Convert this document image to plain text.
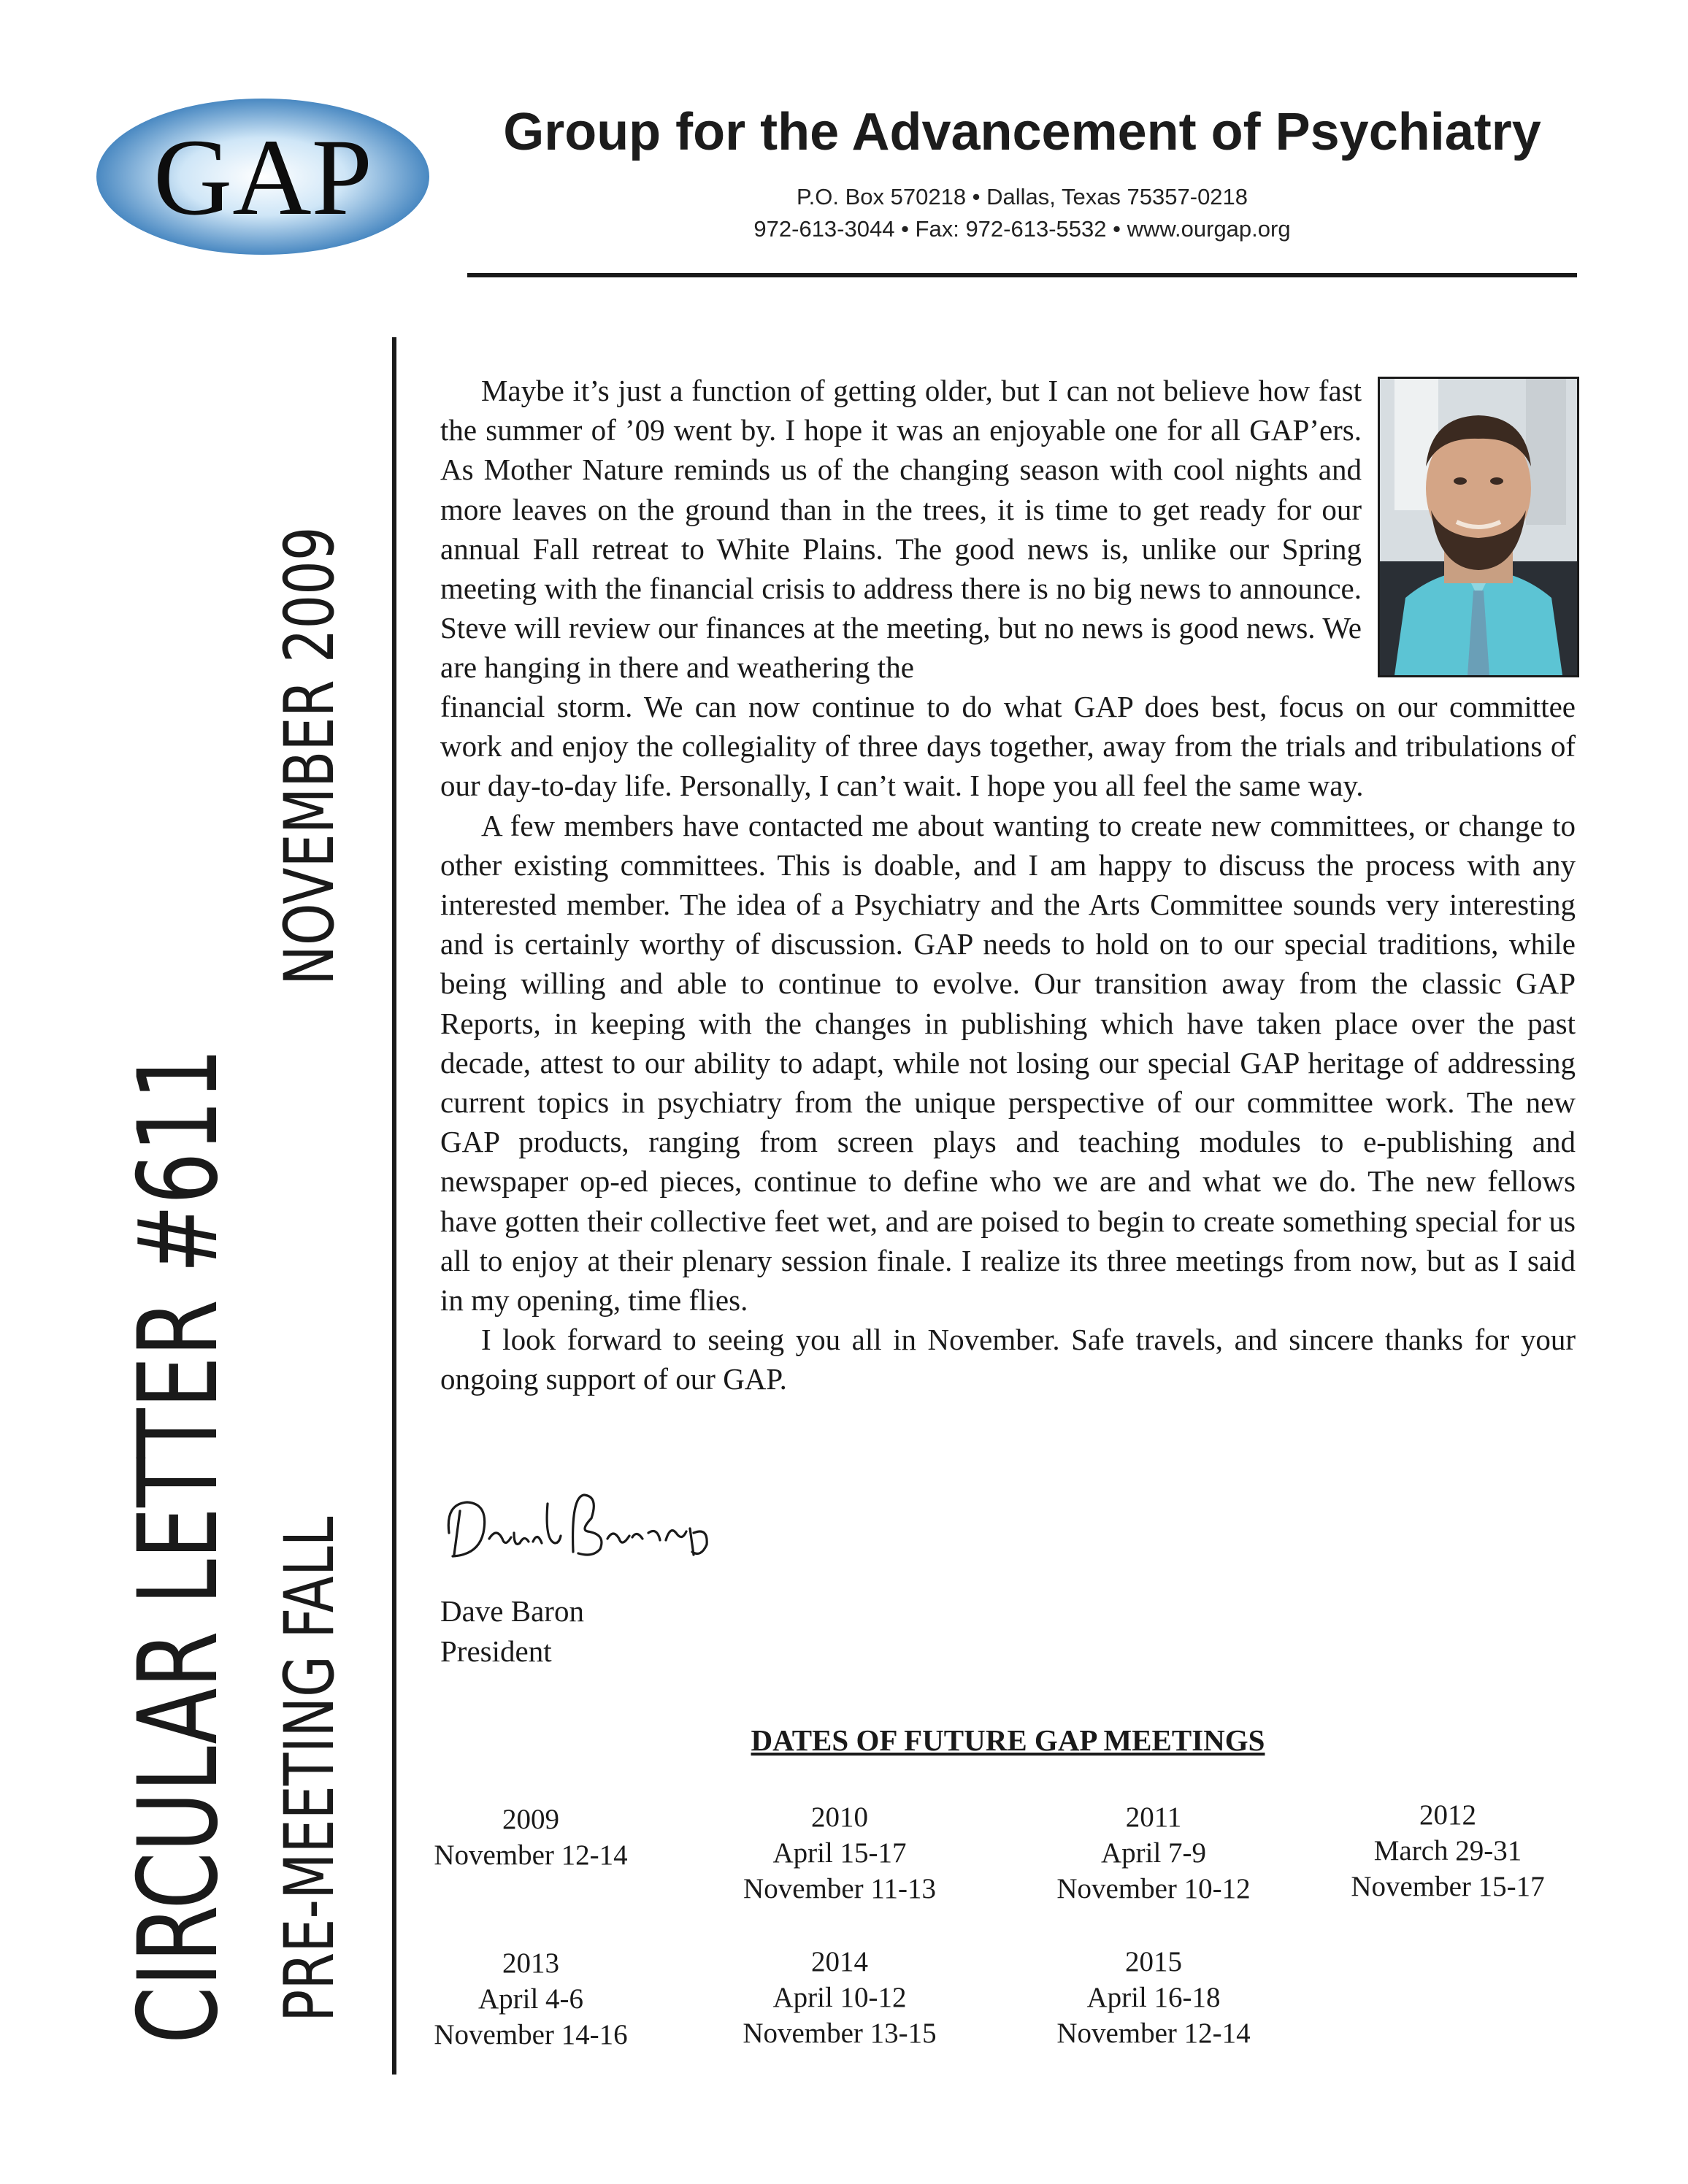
GAP	Group for the Advancement of Psychiatry
P.O. Box 570218 • Dallas, Texas 75357-0218
972-613-3044 • Fax: 972-613-5532 • www.ourgap.org
CIRCULAR LETTER #611
NOVEMBER 2009
PRE-MEETING FALL

Maybe it’s just a function of getting older, but I can not believe how fast the summer of ’09 went by. I hope it was an enjoyable one for all GAP’ers. As Mother Nature reminds us of the changing season with cool nights and more leaves on the ground than in the trees, it is time to get ready for our annual Fall retreat to White Plains. The good news is, unlike our Spring meeting with the financial crisis to address there is no big news to announce. Steve will review our finances at the meeting, but no news is good news. We are hanging in there and weathering the

financial storm. We can now continue to do what GAP does best, focus on our committee work and enjoy the collegiality of three days together, away from the trials and tribulations of our day-to-day life. Personally, I can’t wait. I hope you all feel the same way.

A few members have contacted me about wanting to create new committees, or change to other existing committees. This is doable, and I am happy to discuss the process with any interested member. The idea of a Psychiatry and the Arts Committee sounds very interesting and is certainly worthy of discussion. GAP needs to hold on to our special traditions, while being willing and able to continue to evolve. Our transition away from the classic GAP Reports, in keeping with the changes in publishing which have taken place over the past decade, attest to our ability to adapt, while not losing our special GAP heritage of addressing current topics in psychiatry from the unique perspective of our committee work. The new GAP products, ranging from screen plays and teaching modules to e-publishing and newspaper op-ed pieces, continue to define who we are and what we do. The new fellows have gotten their collective feet wet, and are poised to begin to create something special for us all to enjoy at their plenary session finale. I realize its three meetings from now, but as I said in my opening, time flies.

I look forward to seeing you all in November. Safe travels, and sincere thanks for your ongoing support of our GAP.

Dave Baron
President
DATES OF FUTURE GAP MEETINGS
2009
November 12-14
2010
April 15-17
November 11-13
2011
April 7-9
November 10-12
2012
March 29-31
November 15-17
2013
April 4-6
November 14-16
2014
April 10-12
November 13-15
2015
April 16-18
November 12-14
